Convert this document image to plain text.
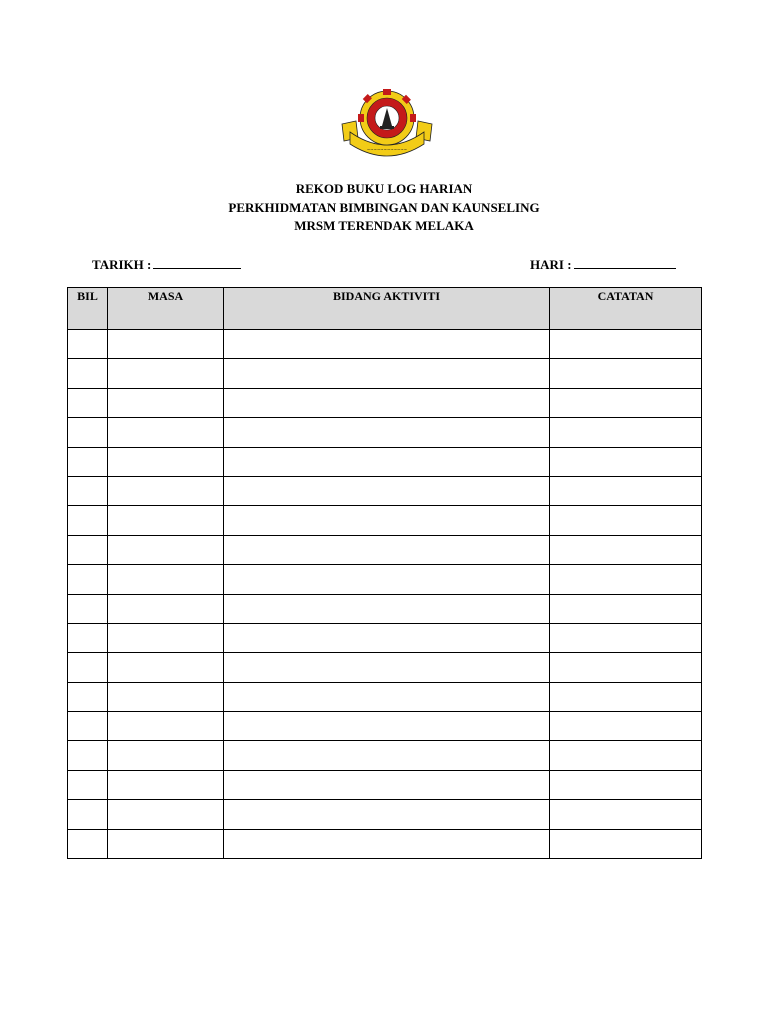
~~~~~~~~~~~~
REKOD BUKU LOG HARIAN
PERKHIDMATAN BIMBINGAN DAN KAUNSELING
MRSM TERENDAK MELAKA
TARIKH :	HARI :
BIL	MASA	BIDANG AKTIVITI	CATATAN
